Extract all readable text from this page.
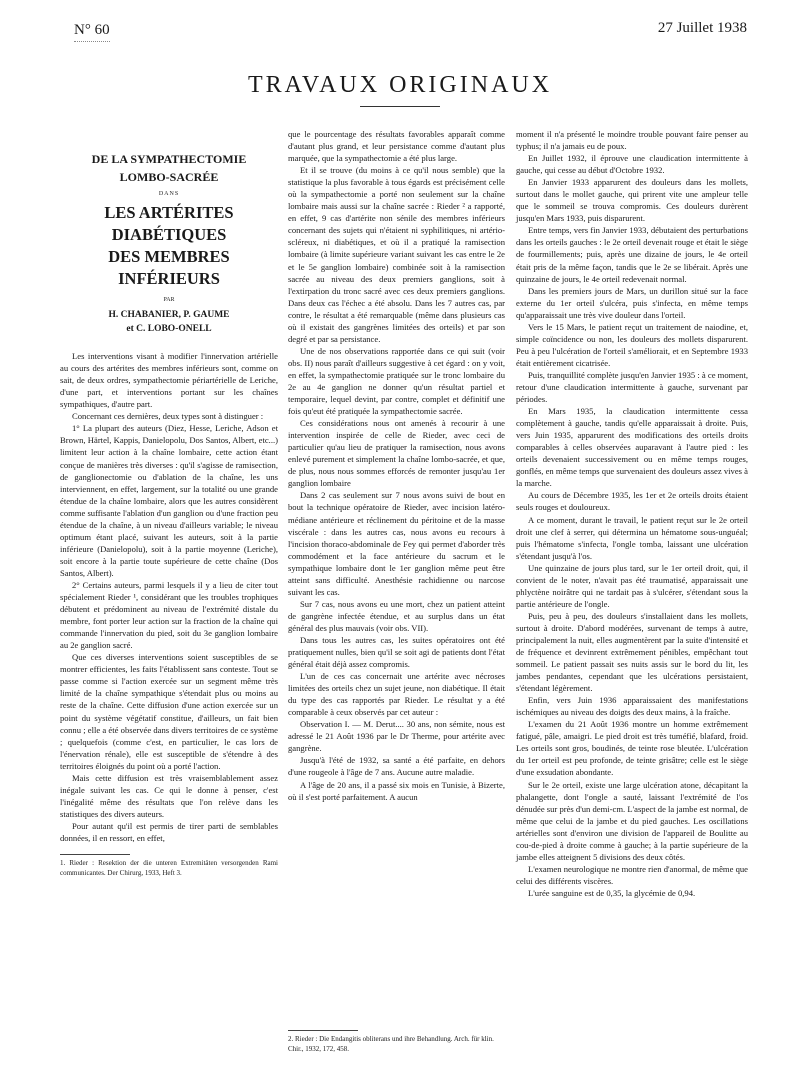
N° 60	27 Juillet 1938
TRAVAUX ORIGINAUX
DE LA SYMPATHECTOMIE
LOMBO-SACRÉE
DANS
LES ARTÉRITES DIABÉTIQUES
DES MEMBRES INFÉRIEURS
PAR
H. CHABANIER, P. GAUME
et C. LOBO-ONELL

Les interventions visant à modifier l'innervation artérielle au cours des artérites des membres inférieurs sont, comme on sait, de deux ordres, sympathectomie périartérielle de Leriche, d'une part, et interventions portant sur les chaînes sympathiques, d'autre part.

Concernant ces dernières, deux types sont à distinguer :

1° La plupart des auteurs (Diez, Hesse, Leriche, Adson et Brown, Härtel, Kappis, Danielopolu, Dos Santos, Albert, etc...) limitent leur action à la chaîne lombaire, cette action étant conçue de manières très diverses : qu'il s'agisse de ramisection, de ganglionectomie ou d'ablation de la chaîne, les uns interviennent, en effet, largement, sur la totalité ou une grande étendue de la chaîne lombaire, alors que les autres considèrent comme suffisante l'ablation d'un ganglion ou d'une fraction peu étendue de la chaîne, à un niveau d'ailleurs variable; le niveau optimum étant placé, suivant les auteurs, soit à la partie inférieure (Danielopolu), soit à la partie moyenne (Leriche), soit encore à la partie toute supérieure de cette chaîne (Dos Santos, Albert).

2° Certains auteurs, parmi lesquels il y a lieu de citer tout spécialement Rieder ¹, considérant que les troubles trophiques débutent et prédominent au niveau de l'extrémité distale du membre, font porter leur action sur la fraction de la chaîne qui commande l'innervation du pied, soit du 3e ganglion lombaire au 2e ganglion sacré.

Que ces diverses interventions soient susceptibles de se montrer efficientes, les faits l'établissent sans conteste. Tout se passe comme si l'action exercée sur un segment même très limité de la chaîne sympathique s'étendait plus ou moins au reste de la chaîne. Cette diffusion d'une action exercée sur un point du système végétatif constitue, d'ailleurs, un fait bien connu ; elle a été observée dans divers territoires de ce système ; quelquefois (comme c'est, en particulier, le cas lors de l'énervation rénale), elle est susceptible de s'étendre à des territoires éloignés du point où a porté l'action.

Mais cette diffusion est très vraisemblablement assez inégale suivant les cas. Ce qui le donne à penser, c'est l'inégalité même des résultats que l'on relève dans les statistiques des divers auteurs.

Pour autant qu'il est permis de tirer parti de semblables données, il en ressort, en effet,

1. Rieder : Resektion der die unteren Extremitäten versorgenden Rami communicantes. Der Chirurg, 1933, Heft 3.

que le pourcentage des résultats favorables apparaît comme d'autant plus grand, et leur persistance comme d'autant plus marquée, que la sympathectomie a été plus large.

Et il se trouve (du moins à ce qu'il nous semble) que la statistique la plus favorable à tous égards est précisément celle où la sympathectomie a porté non seulement sur la chaîne lombaire mais aussi sur la chaîne sacrée : Rieder ² a rapporté, en effet, 9 cas d'artérite non sénile des membres inférieurs concernant des sujets qui n'étaient ni syphilitiques, ni artério-scléreux, ni diabétiques, et où il a pratiqué la ramisection lombaire (à limite supérieure variant suivant les cas entre le 2e et le 5e ganglion lombaire) combinée soit à la ramisection sacrée au niveau des deux premiers ganglions, soit à l'extirpation du tronc sacré avec ces deux premiers ganglions. Dans deux cas l'échec a été absolu. Dans les 7 autres cas, par contre, le résultat a été remarquable (même dans plusieurs cas où il existait des gangrènes limitées des orteils) et par son degré et par sa persistance.

Une de nos observations rapportée dans ce qui suit (voir obs. II) nous paraît d'ailleurs suggestive à cet égard : on y voit, en effet, la sympathectomie pratiquée sur le tronc lombaire du 2e au 4e ganglion ne donner qu'un résultat partiel et temporaire, lequel devint, par contre, complet et définitif une fois qu'eut été pratiquée la sympathectomie sacrée.

Ces considérations nous ont amenés à recourir à une intervention inspirée de celle de Rieder, avec ceci de particulier qu'au lieu de pratiquer la ramisection, nous avons enlevé purement et simplement la chaîne lombo-sacrée, et que, de plus, nous nous sommes efforcés de remonter jusqu'au 1er ganglion lombaire

Dans 2 cas seulement sur 7 nous avons suivi de bout en bout la technique opératoire de Rieder, avec incision latéro-médiane antérieure et réclinement du péritoine et de la masse viscérale : dans les autres cas, nous avons eu recours à l'incision thoraco-abdominale de Fey qui permet d'aborder très commodément et la face antérieure du sacrum et le sympathique lombaire dont le 1er ganglion même peut être atteint sans difficulté. Anesthésie rachidienne ou narcose suivant les cas.

Sur 7 cas, nous avons eu une mort, chez un patient atteint de gangrène infectée étendue, et au surplus dans un état général des plus mauvais (voir obs. VII).

Dans tous les autres cas, les suites opératoires ont été pratiquement nulles, bien qu'il se soit agi de patients dont l'état général était déjà assez compromis.

L'un de ces cas concernait une artérite avec nécroses limitées des orteils chez un sujet jeune, non diabétique. Il était du type des cas rapportés par Rieder. Le résultat y a été comparable à ceux observés par cet auteur :

Observation I. — M. Derut.... 30 ans, non sémite, nous est adressé le 21 Août 1936 par le Dr Therme, pour artérite avec gangrène.

Jusqu'à l'été de 1932, sa santé a été parfaite, en dehors d'une rougeole à l'âge de 7 ans. Aucune autre maladie.

A l'âge de 20 ans, il a passé six mois en Tunisie, à Bizerte, où il s'est porté parfaitement. A aucun

2. Rieder : Die Endangitis obliterans und ihre Behandlung. Arch. für klin. Chir., 1932, 172, 458.

moment il n'a présenté le moindre trouble pouvant faire penser au typhus; il n'a jamais eu de poux.

En Juillet 1932, il éprouve une claudication intermittente à gauche, qui cesse au début d'Octobre 1932.

En Janvier 1933 apparurent des douleurs dans les mollets, surtout dans le mollet gauche, qui prirent vite une ampleur telle que le sommeil se trouva compromis. Ces douleurs durèrent jusqu'en Mars 1933, puis disparurent.

Entre temps, vers fin Janvier 1933, débutaient des perturbations dans les orteils gauches : le 2e orteil devenait rouge et était le siège de fourmillements; puis, après une dizaine de jours, le 4e orteil était pris de la même façon, tandis que le 2e se libérait. Après une quinzaine de jours, le 4e orteil redevenait normal.

Dans les premiers jours de Mars, un durillon situé sur la face externe du 1er orteil s'ulcéra, puis s'infecta, en même temps qu'apparaissait une très vive douleur dans l'orteil.

Vers le 15 Mars, le patient reçut un traitement de naiodine, et, simple coïncidence ou non, les douleurs des mollets disparurent. Peu à peu l'ulcération de l'orteil s'améliorait, et en Septembre 1933 était entièrement cicatrisée.

Puis, tranquillité complète jusqu'en Janvier 1935 : à ce moment, retour d'une claudication intermittente à gauche, survenant par périodes.

En Mars 1935, la claudication intermittente cessa complètement à gauche, tandis qu'elle apparaissait à droite. Puis, vers Juin 1935, apparurent des modifications des orteils droits comparables à celles observées auparavant à l'autre pied : les orteils devenaient successivement ou en même temps rouges, gonflés, en même temps que survenaient des douleurs assez vives à la marche.

Au cours de Décembre 1935, les 1er et 2e orteils droits étaient seuls rouges et douloureux.

A ce moment, durant le travail, le patient reçut sur le 2e orteil droit une clef à serrer, qui détermina un hématome sous-unguéal; puis l'hématome s'infecta, l'ongle tomba, laissant une ulcération s'étendant jusqu'à l'os.

Une quinzaine de jours plus tard, sur le 1er orteil droit, qui, il convient de le noter, n'avait pas été traumatisé, apparaissait une phlyctène noirâtre qui ne tardait pas à s'ulcérer, s'étendant sous la partie antérieure de l'ongle.

Puis, peu à peu, des douleurs s'installaient dans les mollets, surtout à droite. D'abord modérées, survenant de temps à autre, principalement la nuit, elles augmentèrent par la suite d'intensité et de fréquence et devinrent extrêmement pénibles, empêchant tout sommeil. Le patient passait ses nuits assis sur le bord du lit, les jambes pendantes, cependant que les ulcérations persistaient, s'étendant légèrement.

Enfin, vers Juin 1936 apparaissaient des manifestations ischémiques au niveau des doigts des deux mains, à la fraîche.

L'examen du 21 Août 1936 montre un homme extrêmement fatigué, pâle, amaigri. Le pied droit est très tuméfié, blafard, froid. Les orteils sont gros, boudinés, de teinte rose bleutée. L'ulcération du 1er orteil est peu profonde, de teinte grisâtre; celle est le siège d'une exsudation abondante.

Sur le 2e orteil, existe une large ulcération atone, décapitant la phalangette, dont l'ongle a sauté, laissant l'extrémité de l'os dénudée sur près d'un demi-cm. L'aspect de la jambe est normal, de même que celui de la jambe et du pied gauches. Les oscillations artérielles sont d'environ une division de l'appareil de Boulitte au cou-de-pied à droite comme à gauche; à la partie supérieure de la jambe elles atteignent 5 divisions des deux côtés.

L'examen neurologique ne montre rien d'anormal, de même que celui des différents viscères.

L'urée sanguine est de 0,35, la glycémie de 0,94.
